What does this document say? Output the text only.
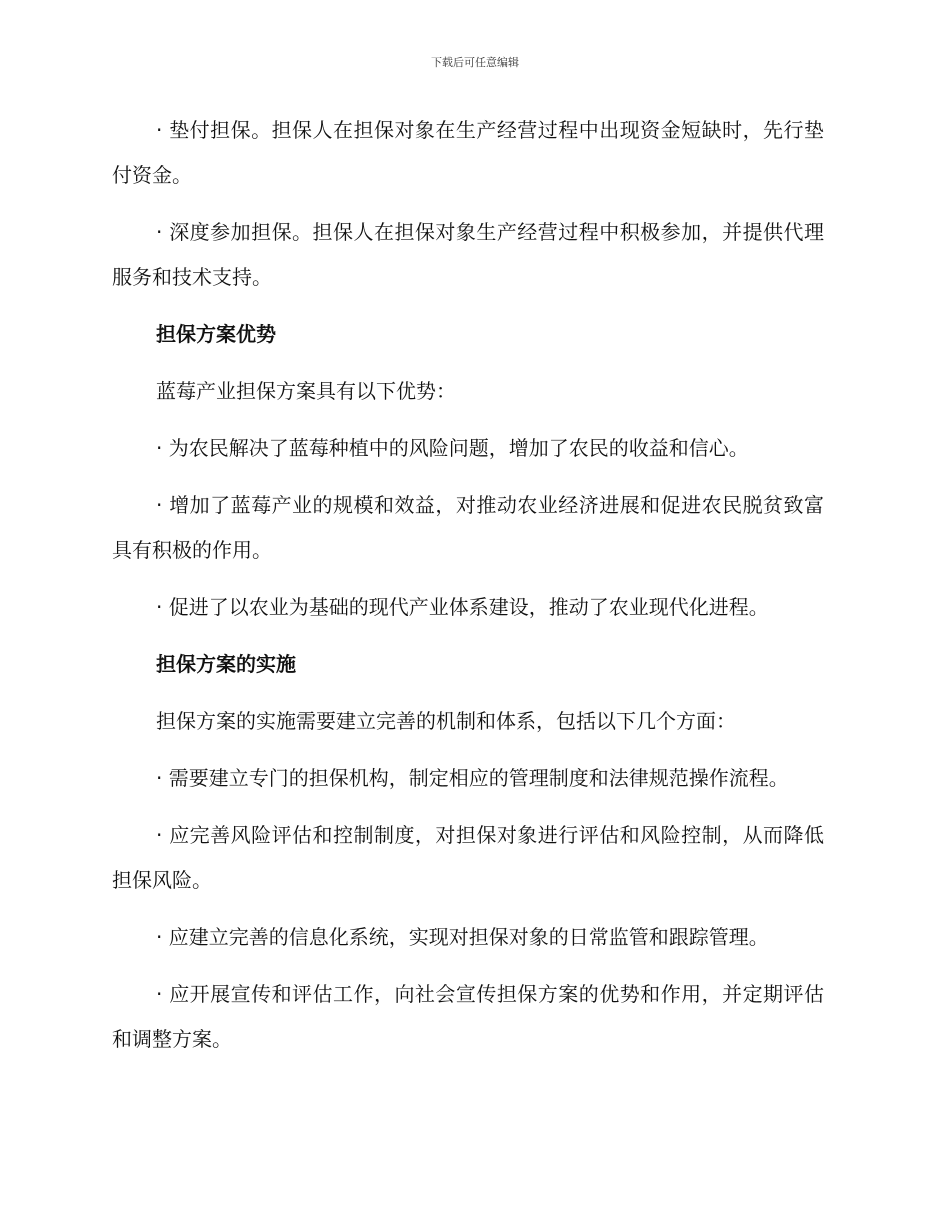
下载后可任意编辑

· 垫付担保。担保人在担保对象在生产经营过程中出现资金短缺时，先行垫付资金。

· 深度参加担保。担保人在担保对象生产经营过程中积极参加，并提供代理服务和技术支持。

担保方案优势

蓝莓产业担保方案具有以下优势：

· 为农民解决了蓝莓种植中的风险问题，增加了农民的收益和信心。

· 增加了蓝莓产业的规模和效益，对推动农业经济进展和促进农民脱贫致富具有积极的作用。

· 促进了以农业为基础的现代产业体系建设，推动了农业现代化进程。

担保方案的实施

担保方案的实施需要建立完善的机制和体系，包括以下几个方面：

· 需要建立专门的担保机构，制定相应的管理制度和法律规范操作流程。

· 应完善风险评估和控制制度，对担保对象进行评估和风险控制，从而降低担保风险。

· 应建立完善的信息化系统，实现对担保对象的日常监管和跟踪管理。

· 应开展宣传和评估工作，向社会宣传担保方案的优势和作用，并定期评估和调整方案。
